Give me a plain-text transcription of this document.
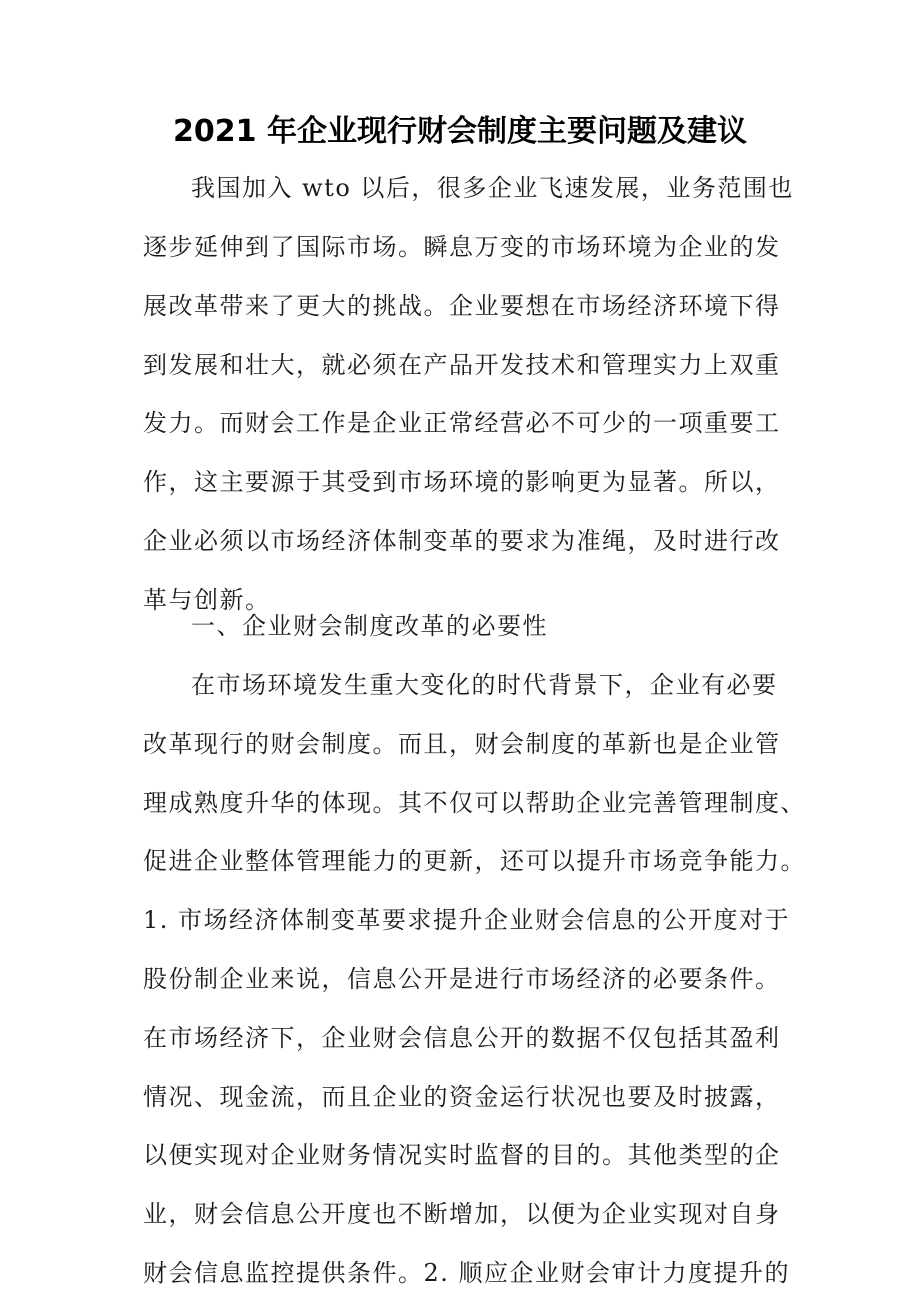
2021 年企业现行财会制度主要问题及建议
我国加入 wto 以后，很多企业飞速发展，业务范围也
逐步延伸到了国际市场。瞬息万变的市场环境为企业的发
展改革带来了更大的挑战。企业要想在市场经济环境下得
到发展和壮大，就必须在产品开发技术和管理实力上双重
发力。而财会工作是企业正常经营必不可少的一项重要工
作，这主要源于其受到市场环境的影响更为显著。所以，
企业必须以市场经济体制变革的要求为准绳，及时进行改
革与创新。
一、企业财会制度改革的必要性
在市场环境发生重大变化的时代背景下，企业有必要
改革现行的财会制度。而且，财会制度的革新也是企业管
理成熟度升华的体现。其不仅可以帮助企业完善管理制度、
促进企业整体管理能力的更新，还可以提升市场竞争能力。
1. 市场经济体制变革要求提升企业财会信息的公开度对于
股份制企业来说，信息公开是进行市场经济的必要条件。
在市场经济下，企业财会信息公开的数据不仅包括其盈利
情况、现金流，而且企业的资金运行状况也要及时披露，
以便实现对企业财务情况实时监督的目的。其他类型的企
业，财会信息公开度也不断增加，以便为企业实现对自身
财会信息监控提供条件。2. 顺应企业财会审计力度提升的
